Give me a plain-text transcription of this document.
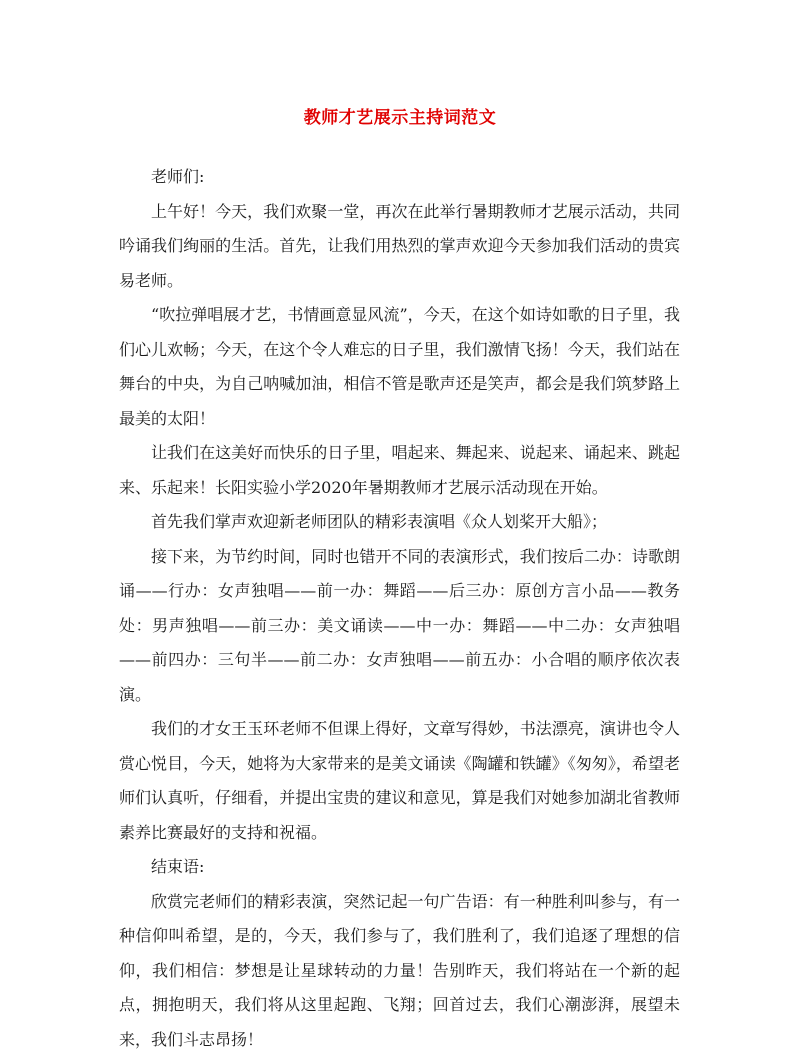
教师才艺展示主持词范文

老师们:

上午好！今天，我们欢聚一堂，再次在此举行暑期教师才艺展示活动，共同吟诵我们绚丽的生活。首先，让我们用热烈的掌声欢迎今天参加我们活动的贵宾易老师。

“吹拉弹唱展才艺，书情画意显风流”，今天，在这个如诗如歌的日子里，我们心儿欢畅；今天，在这个令人难忘的日子里，我们激情飞扬！今天，我们站在舞台的中央，为自己呐喊加油，相信不管是歌声还是笑声，都会是我们筑梦路上最美的太阳！

让我们在这美好而快乐的日子里，唱起来、舞起来、说起来、诵起来、跳起来、乐起来！长阳实验小学2020年暑期教师才艺展示活动现在开始。

首先我们掌声欢迎新老师团队的精彩表演唱《众人划桨开大船》；

接下来，为节约时间，同时也错开不同的表演形式，我们按后二办：诗歌朗诵——行办：女声独唱——前一办：舞蹈——后三办：原创方言小品——教务处：男声独唱——前三办：美文诵读——中一办：舞蹈——中二办：女声独唱——前四办：三句半——前二办：女声独唱——前五办：小合唱的顺序依次表演。

我们的才女王玉环老师不但课上得好，文章写得妙，书法漂亮，演讲也令人赏心悦目，今天，她将为大家带来的是美文诵读《陶罐和铁罐》《匆匆》，希望老师们认真听，仔细看，并提出宝贵的建议和意见，算是我们对她参加湖北省教师素养比赛最好的支持和祝福。

结束语:

欣赏完老师们的精彩表演，突然记起一句广告语：有一种胜利叫参与，有一种信仰叫希望，是的，今天，我们参与了，我们胜利了，我们追逐了理想的信仰，我们相信：梦想是让星球转动的力量！告别昨天，我们将站在一个新的起点，拥抱明天，我们将从这里起跑、飞翔；回首过去，我们心潮澎湃，展望未来，我们斗志昂扬！
